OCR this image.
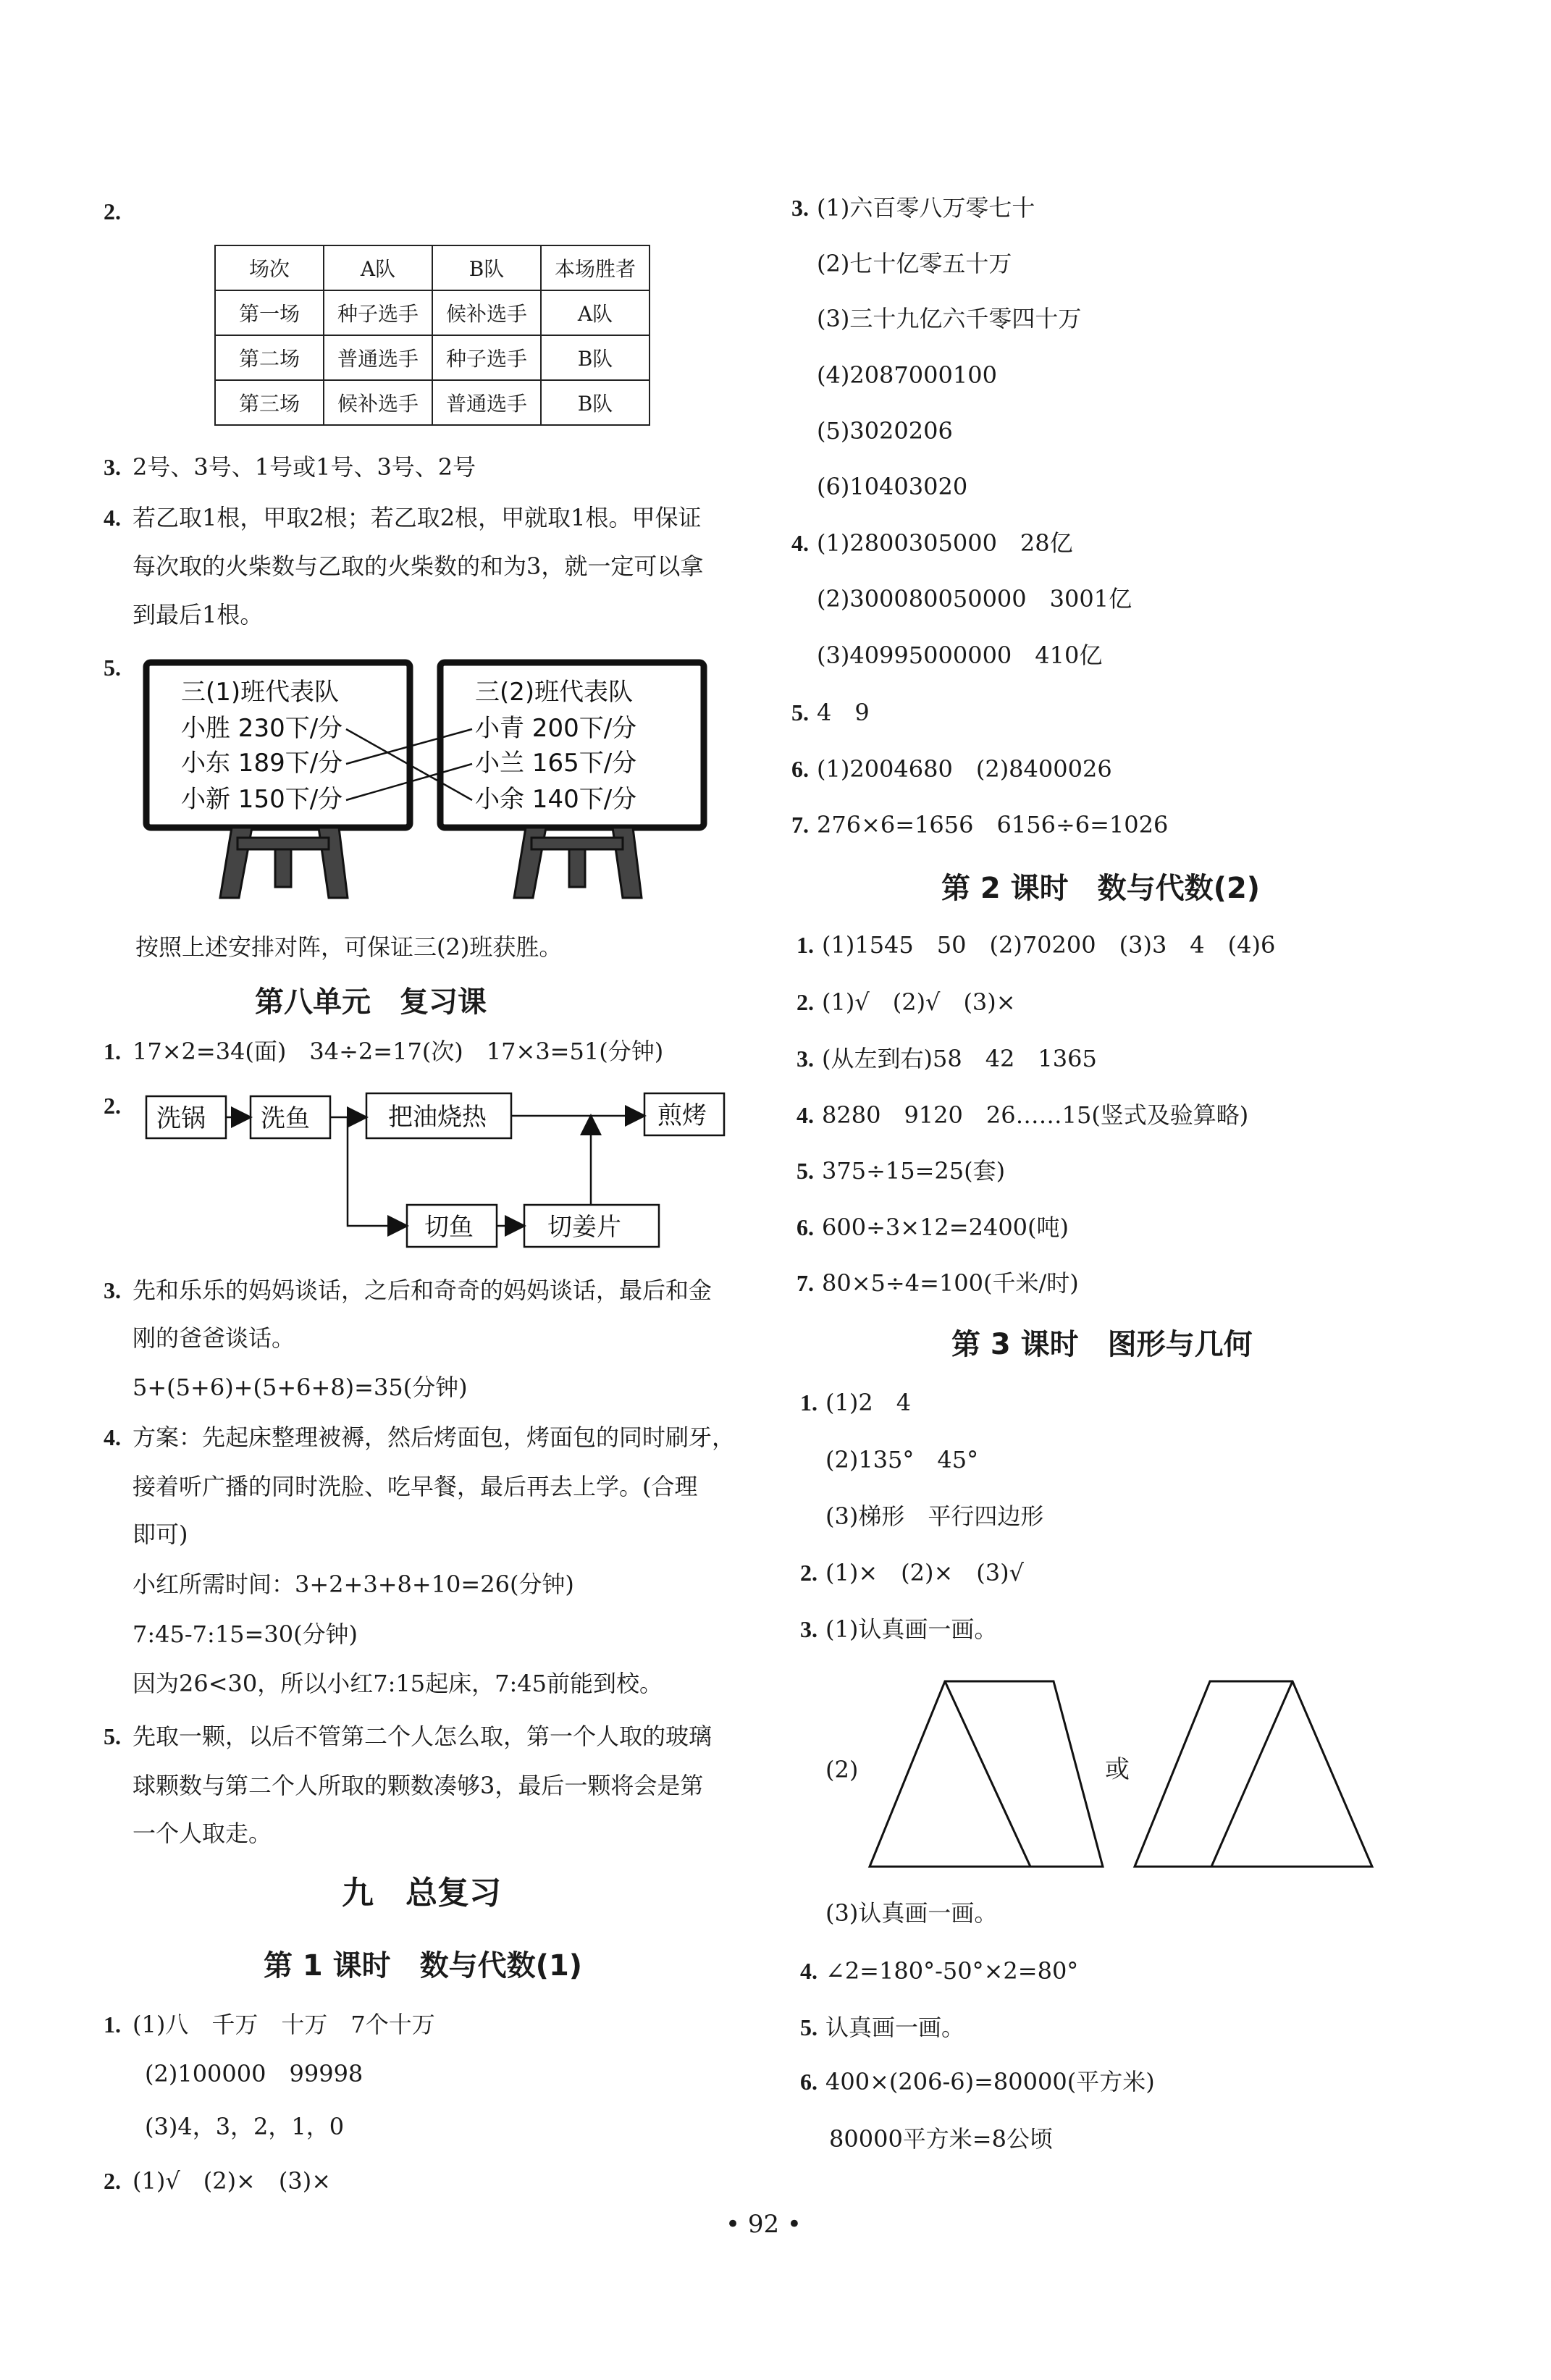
2.
场次	A队	B队	本场胜者
第一场	种子选手	候补选手	A队
第二场	普通选手	种子选手	B队
第三场	候补选手	普通选手	B队
3. 2号、3号、1号或1号、3号、2号
4. 若乙取1根，甲取2根；若乙取2根，甲就取1根。甲保证
每次取的火柴数与乙取的火柴数的和为3，就一定可以拿
到最后1根。
5.
三(1)班代表队
小胜 230下/分
小东 189下/分
小新 150下/分
三(2)班代表队
小青 200下/分
小兰 165下/分
小余 140下/分
按照上述安排对阵，可保证三(2)班获胜。
第八单元　复习课
1. 17×2=34(面)　34÷2=17(次)　17×3=51(分钟)
2. 洗锅 洗鱼	把油烧热	煎烤
切鱼	切姜片
3. 先和乐乐的妈妈谈话，之后和奇奇的妈妈谈话，最后和金
刚的爸爸谈话。
5+(5+6)+(5+6+8)=35(分钟)
4. 方案：先起床整理被褥，然后烤面包，烤面包的同时刷牙，
接着听广播的同时洗脸、吃早餐，最后再去上学。(合理
即可)
小红所需时间：3+2+3+8+10=26(分钟)
7:45-7:15=30(分钟)
因为26<30，所以小红7:15起床，7:45前能到校。
5. 先取一颗，以后不管第二个人怎么取，第一个人取的玻璃
球颗数与第二个人所取的颗数凑够3，最后一颗将会是第
一个人取走。
九　总复习
第 1 课时　数与代数(1)
1. (1)八　千万　十万　7个十万
(2)100000　99998
(3)4，3，2，1，0
2. (1)√　(2)×　(3)×
3. (1)六百零八万零七十
(2)七十亿零五十万
(3)三十九亿六千零四十万
(4)2087000100
(5)3020206
(6)10403020
4. (1)2800305000　28亿
(2)300080050000　3001亿
(3)40995000000　410亿
5. 4　9
6. (1)2004680　(2)8400026
7. 276×6=1656　6156÷6=1026
第 2 课时　数与代数(2)
1. (1)1545　50　(2)70200　(3)3　4　(4)6
2. (1)√　(2)√　(3)×
3. (从左到右)58　42　1365
4. 8280　9120　26……15(竖式及验算略)
5. 375÷15=25(套)
6. 600÷3×12=2400(吨)
7. 80×5÷4=100(千米/时)
第 3 课时　图形与几何
1. (1)2　4
(2)135°　45°
(3)梯形　平行四边形
2. (1)×　(2)×　(3)√
3. (1)认真画一画。
(2)	或
(3)认真画一画。
4. ∠2=180°-50°×2=80°
5. 认真画一画。
6. 400×(206-6)=80000(平方米)
80000平方米=8公顷
• 92 •
